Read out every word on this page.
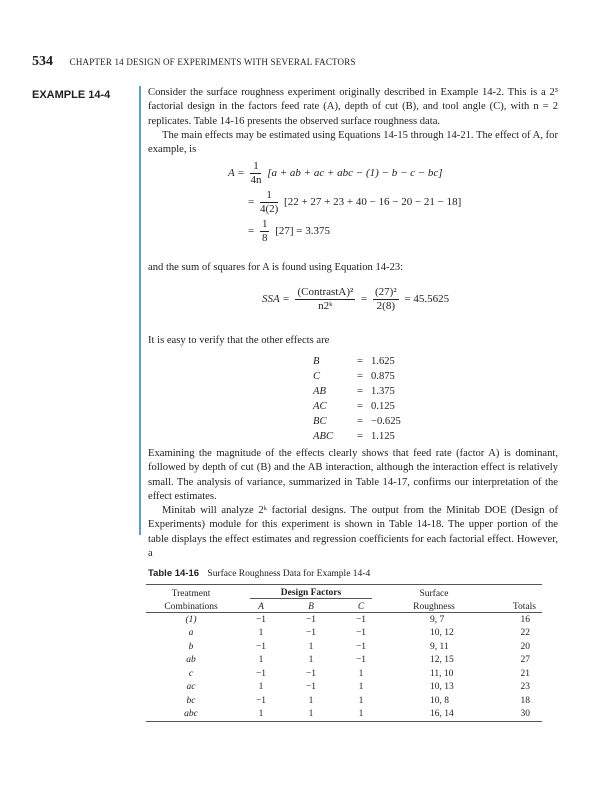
534 CHAPTER 14 DESIGN OF EXPERIMENTS WITH SEVERAL FACTORS
EXAMPLE 14-4	Consider the surface roughness experiment originally described in Example 14-2. This is a 2³ factorial design in the factors feed rate (A), depth of cut (B), and tool angle (C), with n = 2 replicates. Table 14-16 presents the observed surface roughness data.

The main effects may be estimated using Equations 14-15 through 14-21. The effect of A, for example, is

$A = \frac{1}{4n} [a$ + ab + ac + abc − (1) − b − c − bc]
= $\frac{1}{4(2)} [22 + 27 + 23 + 40 - 16 - 20 - 21 - 18]$
= $\frac{1}{8} [27] = 3.375$
and the sum of squares for A is found using Equation 14-23:
SSA = $\frac{\text{(ContrastA)²}}{\text{n2ᵏ}} = \frac{\text{(27)²}}{2(8)} = 45.5625$
It is easy to verify that the other effects are
B	=	1.625
C	=	0.875
AB	=	1.375
AC	=	0.125
BC	=	−0.625
ABC	=	1.125

Examining the magnitude of the effects clearly shows that feed rate (factor A) is dominant, followed by depth of cut (B) and the AB interaction, although the interaction effect is relatively small. The analysis of variance, summarized in Table 14-17, confirms our interpretation of the effect estimates.

Minitab will analyze 2ᵏ factorial designs. The output from the Minitab DOE (Design of Experiments) module for this experiment is shown in Table 14-18. The upper portion of the table displays the effect estimates and regression coefficients for each factorial effect. However, a

Table 14-16 Surface Roughness Data for Example 14-4
Treatment	Design Factors			Surface	
Combinations	A	B	C	Roughness	Totals
(1)	−1	−1	−1	9, 7	16
a	1	−1	−1	10, 12	22
b	−1	1	−1	9, 11	20
ab	1	1	−1	12, 15	27
c	−1	−1	1	11, 10	21
ac	1	−1	1	10, 13	23
bc	−1	1	1	10, 8	18
abc	1	1	1	16, 14	30
